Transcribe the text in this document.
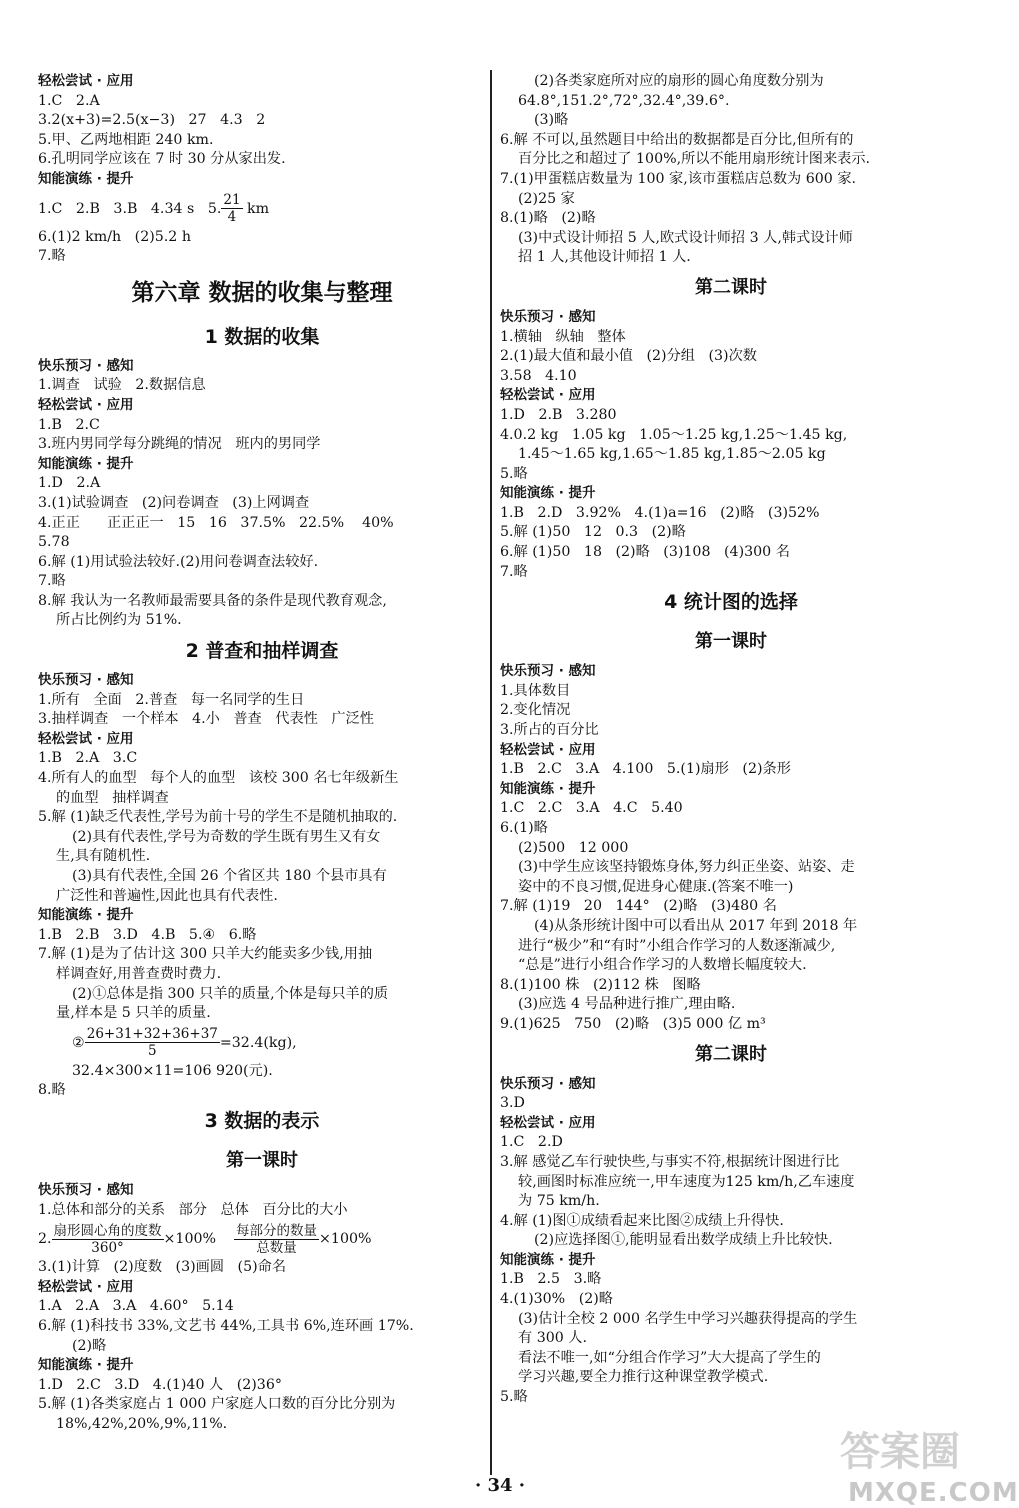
轻松尝试 · 应用
1.C   2.A
3.2(x+3)=2.5(x−3)   27   4.3   2
5.甲、乙两地相距 240 km.
6.孔明同学应该在 7 时 30 分从家出发.
知能演练 · 提升
1.C   2.B   3.B   4.34 s   5. $\frac{21}{4}$ km
6.(1)2 km/h   (2)5.2 h
7.略
第六章 数据的收集与整理
1 数据的收集
快乐预习 · 感知
1.调查   试验   2.数据信息
轻松尝试 · 应用
1.B   2.C
3.班内男同学每分跳绳的情况   班内的男同学
知能演练 · 提升
1.D   2.A
3.(1)试验调查   (2)问卷调查   (3)上网调查
4.正正      正正正一   15   16   37.5%   22.5%    40%
5.78
6.解 (1)用试验法较好.(2)用问卷调查法较好.
7.略
8.解 我认为一名教师最需要具备的条件是现代教育观念,
所占比例约为 51%.
2 普查和抽样调查
快乐预习 · 感知
1.所有   全面   2.普查   每一名同学的生日
3.抽样调查   一个样本   4.小   普查   代表性   广泛性
轻松尝试 · 应用
1.B   2.A   3.C
4.所有人的血型   每个人的血型   该校 300 名七年级新生
的血型   抽样调查
5.解 (1)缺乏代表性,学号为前十号的学生不是随机抽取的.
(2)具有代表性,学号为奇数的学生既有男生又有女
生,具有随机性.
(3)具有代表性,全国 26 个省区共 180 个县市具有
广泛性和普遍性,因此也具有代表性.
知能演练 · 提升
1.B   2.B   3.D   4.B   5.④   6.略
7.解 (1)是为了估计这 300 只羊大约能卖多少钱,用抽
样调查好,用普查费时费力.
(2)①总体是指 300 只羊的质量,个体是每只羊的质
量,样本是 5 只羊的质量.
② $\frac{26+31+32+36+37}{5} =32.4(kg)$,
32.4×300×11=106 920(元).
8.略
3 数据的表示
第一课时
快乐预习 · 感知
1.总体和部分的关系   部分   总体   百分比的大小
2. $\frac{\text{扇形圆心角的度数}}{360^\circ} \times 100\% \frac{\text{每部分的数量}}{\text{总数量}} \times 100\%$
3.(1)计算   (2)度数   (3)画圆   (5)命名
轻松尝试 · 应用
1.A   2.A   3.A   4.60°   5.14
6.解 (1)科技书 33%,文艺书 44%,工具书 6%,连环画 17%.
(2)略
知能演练 · 提升
1.D   2.C   3.D   4.(1)40 人   (2)36°
5.解 (1)各类家庭占 1 000 户家庭人口数的百分比分别为
18%,42%,20%,9%,11%.
(2)各类家庭所对应的扇形的圆心角度数分别为
64.8°,151.2°,72°,32.4°,39.6°.
(3)略
6.解 不可以,虽然题目中给出的数据都是百分比,但所有的
百分比之和超过了 100%,所以不能用扇形统计图来表示.
7.(1)甲蛋糕店数量为 100 家,该市蛋糕店总数为 600 家.
(2)25 家
8.(1)略   (2)略
(3)中式设计师招 5 人,欧式设计师招 3 人,韩式设计师
招 1 人,其他设计师招 1 人.
第二课时
快乐预习 · 感知
1.横轴   纵轴   整体
2.(1)最大值和最小值   (2)分组   (3)次数
3.58   4.10
轻松尝试 · 应用
1.D   2.B   3.280
4.0.2 kg   1.05 kg   1.05～1.25 kg,1.25～1.45 kg,
1.45～1.65 kg,1.65～1.85 kg,1.85～2.05 kg
5.略
知能演练 · 提升
1.B   2.D   3.92%   4.(1)a=16   (2)略   (3)52%
5.解 (1)50   12   0.3   (2)略
6.解 (1)50   18   (2)略   (3)108   (4)300 名
7.略
4 统计图的选择
第一课时
快乐预习 · 感知
1.具体数目
2.变化情况
3.所占的百分比
轻松尝试 · 应用
1.B   2.C   3.A   4.100   5.(1)扇形   (2)条形
知能演练 · 提升
1.C   2.C   3.A   4.C   5.40
6.(1)略
(2)500   12 000
(3)中学生应该坚持锻炼身体,努力纠正坐姿、站姿、走
姿中的不良习惯,促进身心健康.(答案不唯一)
7.解 (1)19   20   144°   (2)略   (3)480 名
(4)从条形统计图中可以看出从 2017 年到 2018 年
进行“极少”和“有时”小组合作学习的人数逐渐减少,
“总是”进行小组合作学习的人数增长幅度较大.
8.(1)100 株   (2)112 株   图略
(3)应选 4 号品种进行推广,理由略.
9.(1)625   750   (2)略   (3)5 000 亿 m³
第二课时
快乐预习 · 感知
3.D
轻松尝试 · 应用
1.C   2.D
3.解 感觉乙车行驶快些,与事实不符,根据统计图进行比
较,画图时标准应统一,甲车速度为125 km/h,乙车速度
为 75 km/h.
4.解 (1)图①成绩看起来比图②成绩上升得快.
(2)应选择图①,能明显看出数学成绩上升比较快.
知能演练 · 提升
1.B   2.5   3.略
4.(1)30%   (2)略
(3)估计全校 2 000 名学生中学习兴趣获得提高的学生
有 300 人.
看法不唯一,如“分组合作学习”大大提高了学生的
学习兴趣,要全力推行这种课堂教学模式.
5.略
· 34 ·
答案圈
MXQE.COM
